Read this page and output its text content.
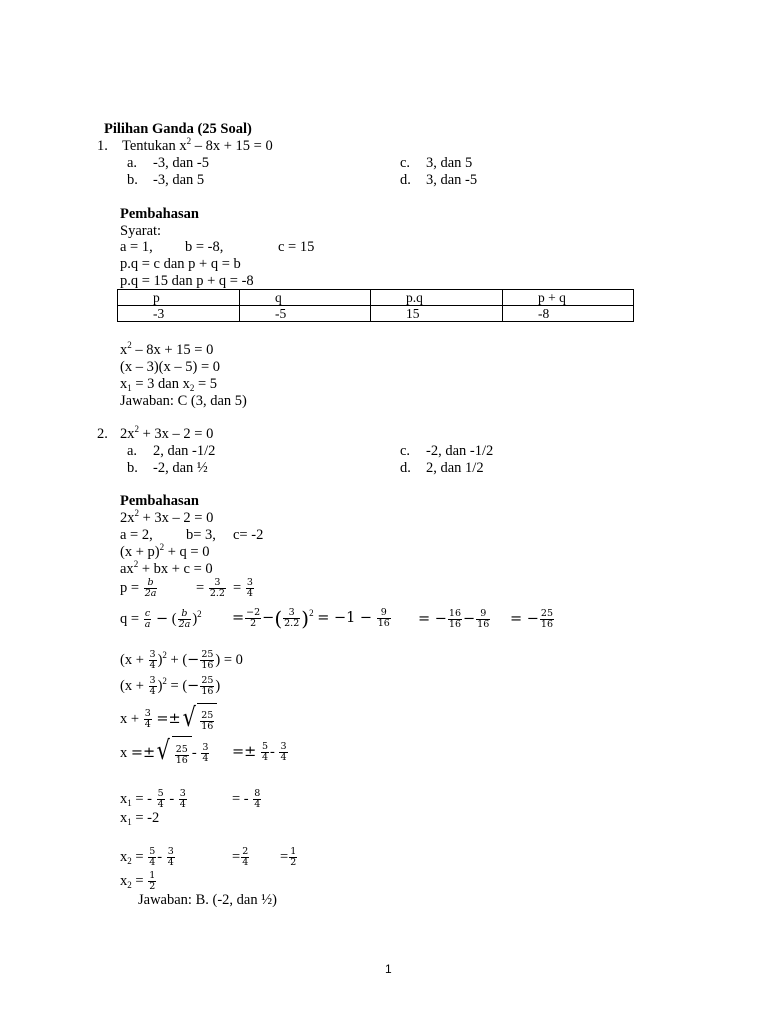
Pilihan Ganda (25 Soal)
1. Tentukan $x^2 - 8x + 15 = 0$
a. -3, dan -5
b. -3, dan 5
c. 3, dan 5
d. 3, dan -5
Pembahasan
Syarat:
a = 1, b = -8,	c = 15
p.q = c dan p + q = b
p.q = 15 dan p + q = -8
p	q	p.q	p + q
-3	-5	15	-8
$x^2 - 8x + 15 = 0$
(x – 3)(x – 5) = 0
$x_1 = 3$ dan $x_2 = 5$
Jawaban: C (3, dan 5)
2. $2x^2 + 3x - 2 = 0$
a. 2, dan -1/2
b. -2, dan ½
c. -2, dan -1/2
d. 2, dan 1/2
Pembahasan
$2x^2 + 3x - 2 = 0$
a = 2, b= 3, c= -2
$(x + p)^2 + q = 0$
$ax^2$ + bx + c = 0
$p = \frac{b}{2a}$	= $\frac{3}{2.2} = \frac{3}{4}$
$q = \frac{c}{a}$ − ( $\frac{b}{2a} )^2 = \frac{-2}{2}$ −( $\frac{3}{2.2} )^2 = -1 - \frac{9}{16}$ = − $\frac{16}{16} - \frac{9}{16}$ = − $\frac{25}{16}$
$(x + \frac{3}{4} )^2$ + (− $\frac{25}{16}$ ) = 0
$(x + \frac{3}{4} )^2$ = (− $\frac{25}{16}$ )
$x + \frac{3}{4}$ =± √ $\frac{25}{16}$
x =± √ $\frac{25}{16} - \frac{3}{4} =\pm \frac{5}{4} - \frac{3}{4}$
$x_1$ = - $\frac{5}{4} - \frac{3}{4}$	= - $\frac{8}{4}$
$x_1 = -2$
$x_2 = \frac{5}{4} - \frac{3}{4}$	= $\frac{2}{4} = \frac{1}{2}$
$x_2 = \frac{1}{2}$
Jawaban: B. (-2, dan ½)
1
